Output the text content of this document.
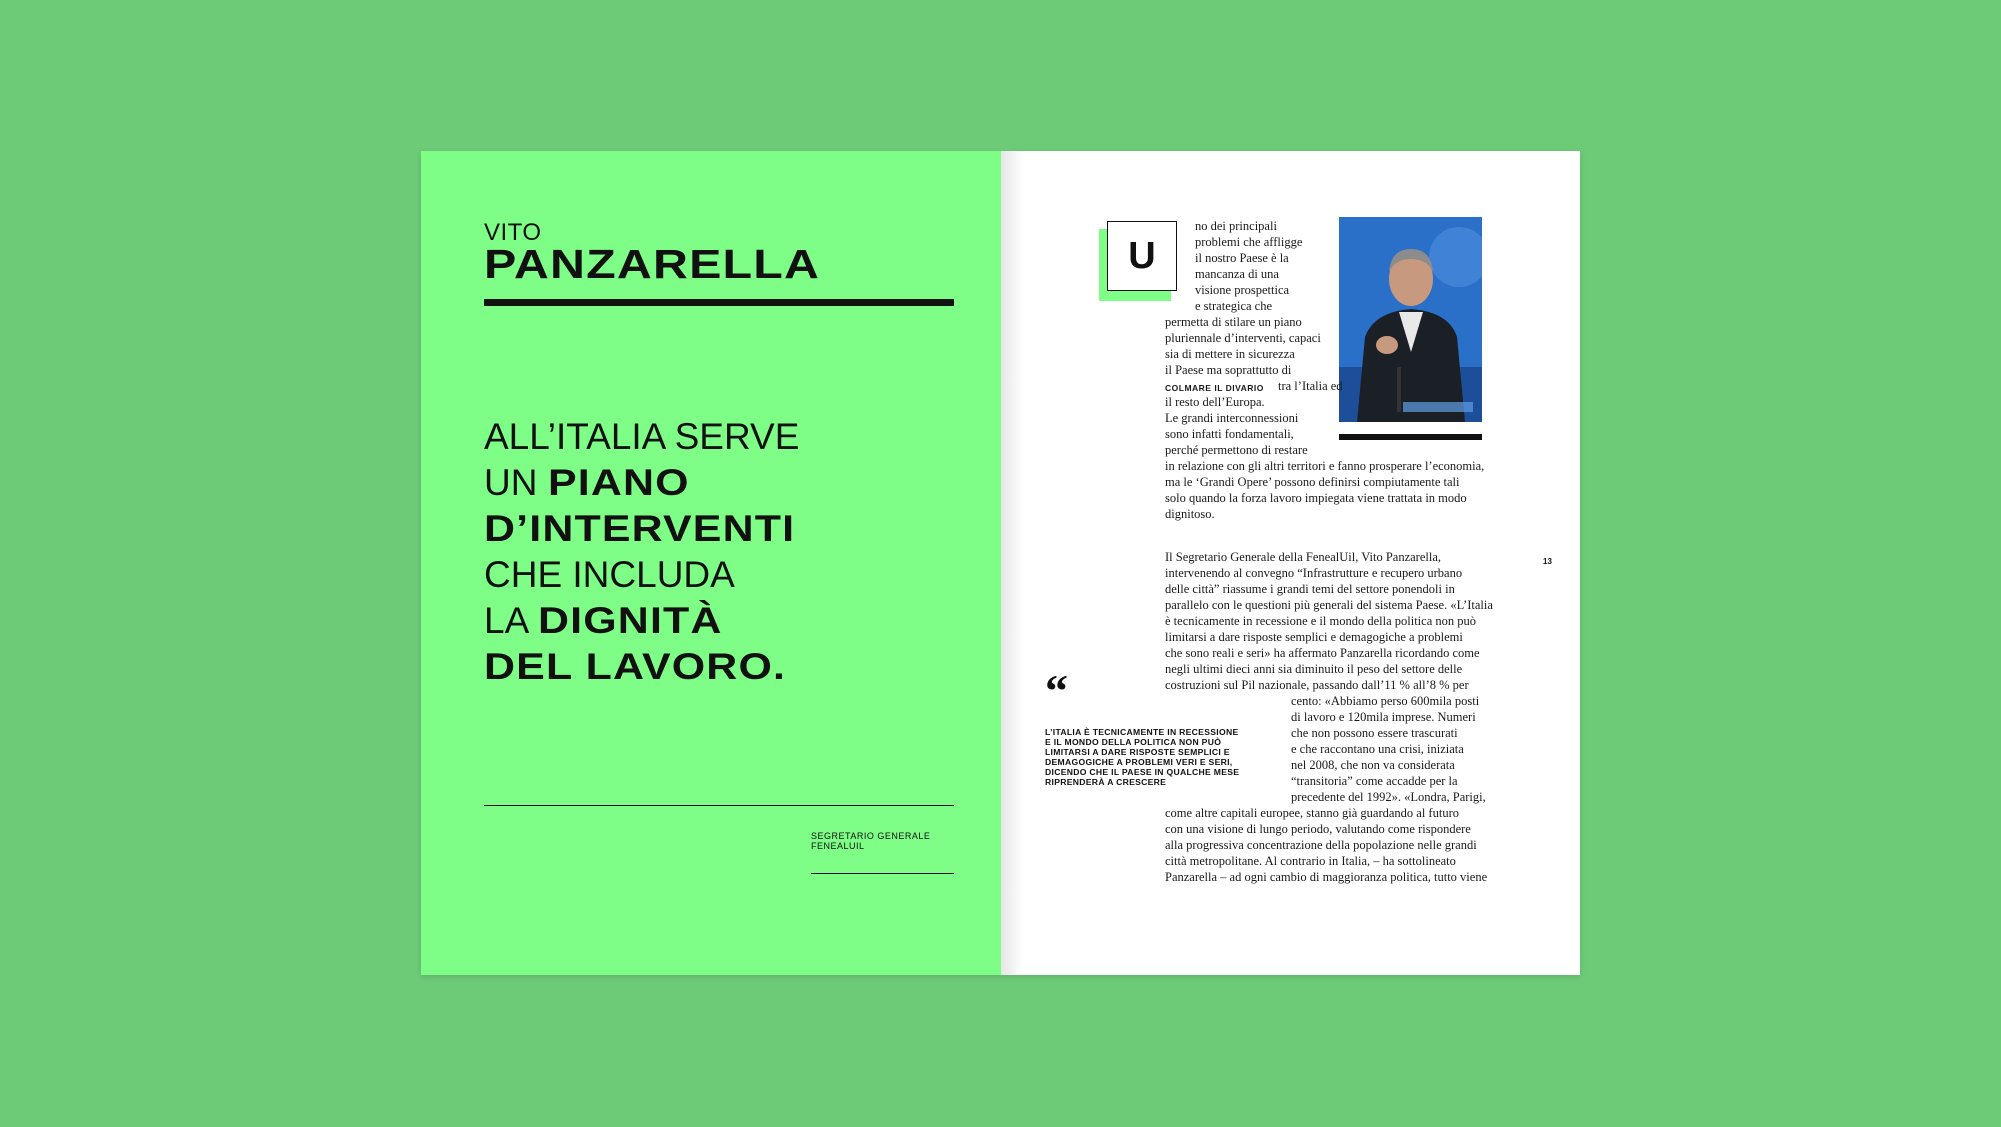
VITO
PANZARELLA
ALL’ITALIA SERVE
UN PIANO
D’INTERVENTI
CHE INCLUDA
LA DIGNITÀ
DEL LAVORO.
SEGRETARIO GENERALE
FENEALUIL
U
no dei principali
problemi che affligge
il nostro Paese è la
mancanza di una
visione prospettica
e strategica che
permetta di stilare un piano
pluriennale d’interventi, capaci
sia di mettere in sicurezza
il Paese ma soprattutto di
COLMARE IL DIVARIO tra l’Italia ed
il resto dell’Europa.
Le grandi interconnessioni
sono infatti fondamentali,
perché permettono di restare
in relazione con gli altri territori e fanno prosperare l’economia,
ma le ‘Grandi Opere’ possono definirsi compiutamente tali
solo quando la forza lavoro impiegata viene trattata in modo
dignitoso.
Il Segretario Generale della FenealUil, Vito Panzarella,
intervenendo al convegno “Infrastrutture e recupero urbano
delle città” riassume i grandi temi del settore ponendoli in
parallelo con le questioni più generali del sistema Paese. «L’Italia
è tecnicamente in recessione e il mondo della politica non può
limitarsi a dare risposte semplici e demagogiche a problemi
che sono reali e seri» ha affermato Panzarella ricordando come
negli ultimi dieci anni sia diminuito il peso del settore delle
costruzioni sul Pil nazionale, passando dall’11 % all’8 % per
cento: «Abbiamo perso 600mila posti
di lavoro e 120mila imprese. Numeri
che non possono essere trascurati
e che raccontano una crisi, iniziata
nel 2008, che non va considerata
“transitoria” come accadde per la
precedente del 1992». «Londra, Parigi,
come altre capitali europee, stanno già guardando al futuro
con una visione di lungo periodo, valutando come rispondere
alla progressiva concentrazione della popolazione nelle grandi
città metropolitane. Al contrario in Italia, – ha sottolineato
Panzarella – ad ogni cambio di maggioranza politica, tutto viene
“
L’ITALIA È TECNICAMENTE IN RECESSIONE
E IL MONDO DELLA POLITICA NON PUÒ
LIMITARSI A DARE RISPOSTE SEMPLICI E
DEMAGOGICHE A PROBLEMI VERI E SERI,
DICENDO CHE IL PAESE IN QUALCHE MESE
RIPRENDERÀ A CRESCERE
13
